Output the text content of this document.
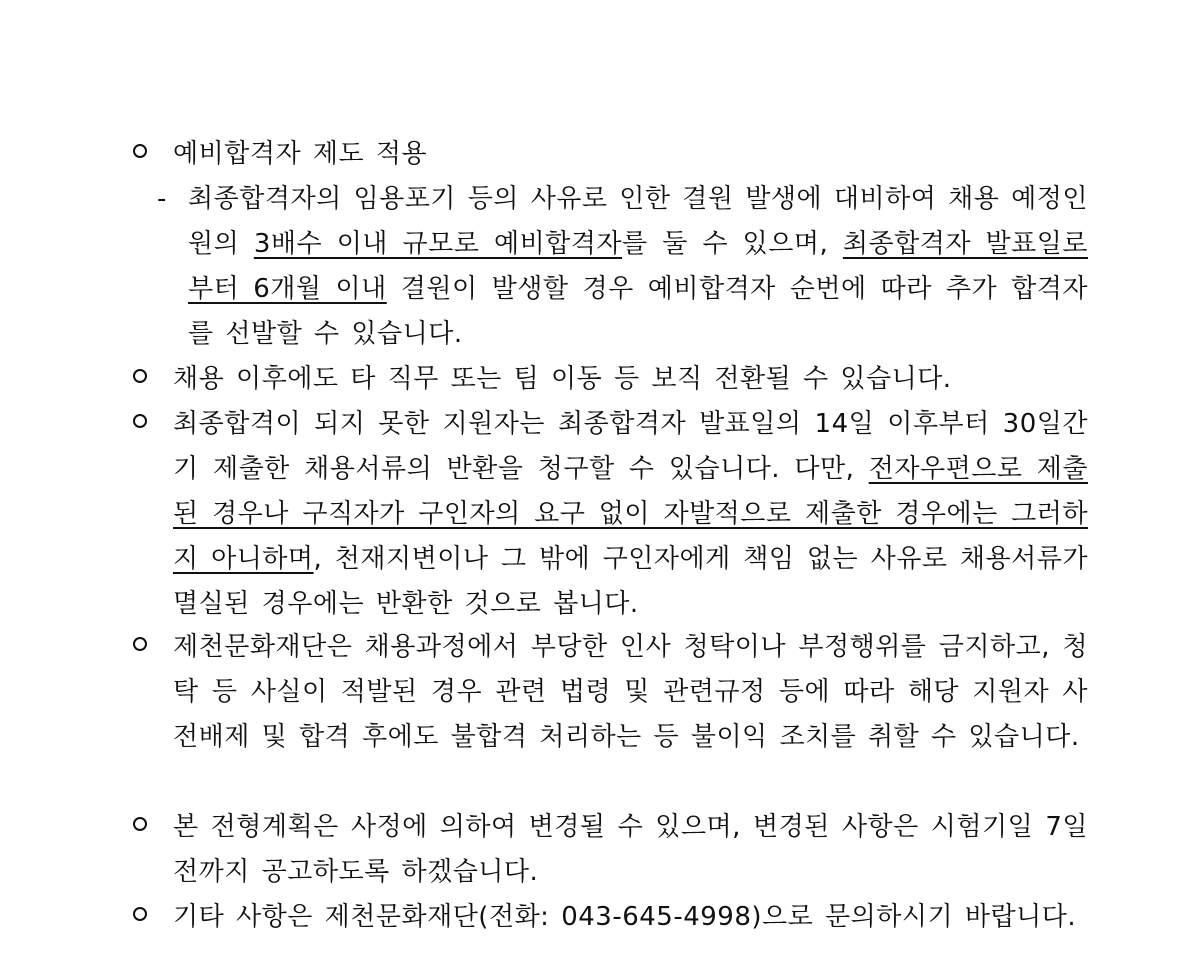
예비합격자 제도 적용
- 최종합격자의 임용포기 등의 사유로 인한 결원 발생에 대비하여 채용 예정인원의 3배수 이내 규모로 예비합격자를 둘 수 있으며, 최종합격자 발표일로부터 6개월 이내 결원이 발생할 경우 예비합격자 순번에 따라 추가 합격자를 선발할 수 있습니다.
채용 이후에도 타 직무 또는 팀 이동 등 보직 전환될 수 있습니다.
최종합격이 되지 못한 지원자는 최종합격자 발표일의 14일 이후부터 30일간 기 제출한 채용서류의 반환을 청구할 수 있습니다. 다만, 전자우편으로 제출된 경우나 구직자가 구인자의 요구 없이 자발적으로 제출한 경우에는 그러하지 아니하며, 천재지변이나 그 밖에 구인자에게 책임 없는 사유로 채용서류가 멸실된 경우에는 반환한 것으로 봅니다.
제천문화재단은 채용과정에서 부당한 인사 청탁이나 부정행위를 금지하고, 청탁 등 사실이 적발된 경우 관련 법령 및 관련규정 등에 따라 해당 지원자 사전배제 및 합격 후에도 불합격 처리하는 등 불이익 조치를 취할 수 있습니다.
본 전형계획은 사정에 의하여 변경될 수 있으며, 변경된 사항은 시험기일 7일 전까지 공고하도록 하겠습니다.
기타 사항은 제천문화재단(전화: 043-645-4998)으로 문의하시기 바랍니다.
